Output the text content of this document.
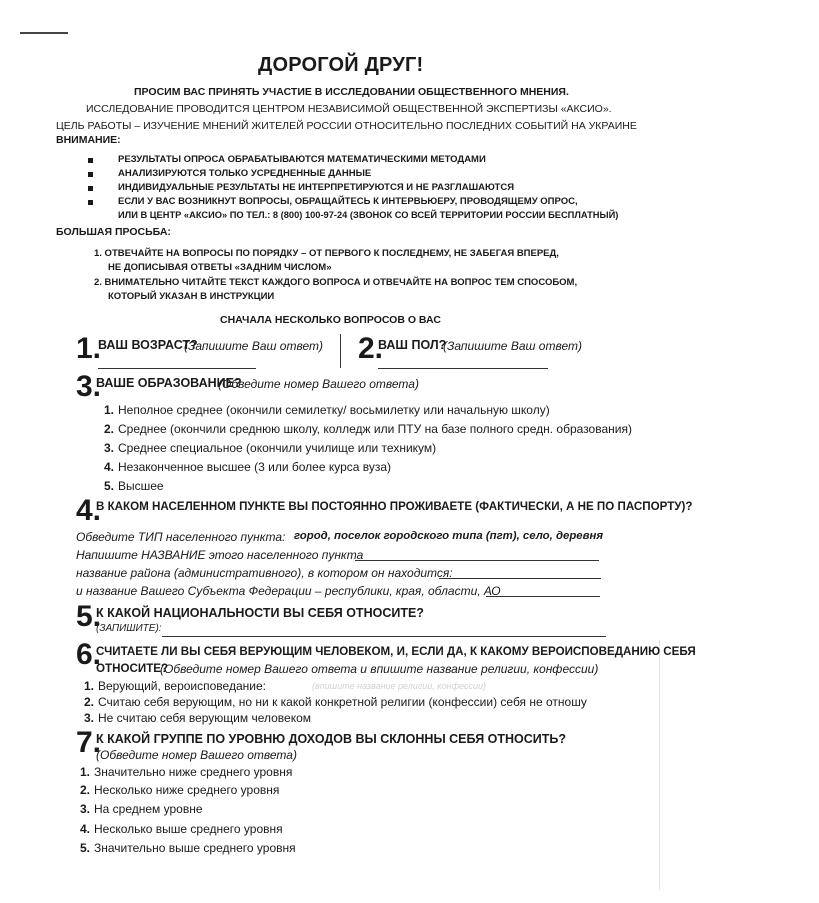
ДОРОГОЙ ДРУГ!
ПРОСИМ ВАС ПРИНЯТЬ УЧАСТИЕ В ИССЛЕДОВАНИИ ОБЩЕСТВЕННОГО МНЕНИЯ.
ИССЛЕДОВАНИЕ ПРОВОДИТСЯ ЦЕНТРОМ НЕЗАВИСИМОЙ ОБЩЕСТВЕННОЙ ЭКСПЕРТИЗЫ «АКСИО».
ЦЕЛЬ РАБОТЫ – ИЗУЧЕНИЕ МНЕНИЙ ЖИТЕЛЕЙ РОССИИ ОТНОСИТЕЛЬНО ПОСЛЕДНИХ СОБЫТИЙ НА УКРАИНЕ
ВНИМАНИЕ:
РЕЗУЛЬТАТЫ ОПРОСА ОБРАБАТЫВАЮТСЯ МАТЕМАТИЧЕСКИМИ МЕТОДАМИ
АНАЛИЗИРУЮТСЯ ТОЛЬКО УСРЕДНЕННЫЕ ДАННЫЕ
ИНДИВИДУАЛЬНЫЕ РЕЗУЛЬТАТЫ НЕ ИНТЕРПРЕТИРУЮТСЯ И НЕ РАЗГЛАШАЮТСЯ
ЕСЛИ У ВАС ВОЗНИКНУТ ВОПРОСЫ, ОБРАЩАЙТЕСЬ К ИНТЕРВЬЮЕРУ, ПРОВОДЯЩЕМУ ОПРОС,
ИЛИ В ЦЕНТР «АКСИО» ПО ТЕЛ.: 8 (800) 100-97-24 (ЗВОНОК СО ВСЕЙ ТЕРРИТОРИИ РОССИИ БЕСПЛАТНЫЙ)
БОЛЬШАЯ ПРОСЬБА:
1. ОТВЕЧАЙТЕ НА ВОПРОСЫ ПО ПОРЯДКУ – ОТ ПЕРВОГО К ПОСЛЕДНЕМУ, НЕ ЗАБЕГАЯ ВПЕРЕД,
НЕ ДОПИСЫВАЯ ОТВЕТЫ «ЗАДНИМ ЧИСЛОМ»
2. ВНИМАТЕЛЬНО ЧИТАЙТЕ ТЕКСТ КАЖДОГО ВОПРОСА И ОТВЕЧАЙТЕ НА ВОПРОС ТЕМ СПОСОБОМ,
КОТОРЫЙ УКАЗАН В ИНСТРУКЦИИ
СНАЧАЛА НЕСКОЛЬКО ВОПРОСОВ О ВАС
1.
ВАШ ВОЗРАСТ?
(Запишите Ваш ответ) 2.
ВАШ ПОЛ?
(Запишите Ваш ответ)
3.
ВАШЕ ОБРАЗОВАНИЕ?
(Обведите номер Вашего ответа)
1. Неполное среднее (окончили семилетку/ восьмилетку или начальную школу)
2. Среднее (окончили среднюю школу, колледж или ПТУ на базе полного средн. образования)
3. Среднее специальное (окончили училище или техникум)
4. Незаконченное высшее (3 или более курса вуза)
5. Высшее
4.
В КАКОМ НАСЕЛЕННОМ ПУНКТЕ ВЫ ПОСТОЯННО ПРОЖИВАЕТЕ (ФАКТИЧЕСКИ, А НЕ ПО ПАСПОРТУ)?
Обведите ТИП населенного пункта: город, поселок городского типа (пгт), село, деревня
Напишите НАЗВАНИЕ этого населенного пункта
название района (административного), в котором он находится:
и название Вашего Субъекта Федерации – республики, края, области, АО
5.
К КАКОЙ НАЦИОНАЛЬНОСТИ ВЫ СЕБЯ ОТНОСИТЕ?
(ЗАПИШИТЕ):
6.
СЧИТАЕТЕ ЛИ ВЫ СЕБЯ ВЕРУЮЩИМ ЧЕЛОВЕКОМ, И, ЕСЛИ ДА, К КАКОМУ ВЕРОИСПОВЕДАНИЮ СЕБЯ
ОТНОСИТЕ?
(Обведите номер Вашего ответа и впишите название религии, конфессии)
1. Верующий, вероисповедание:	(впишите название религии, конфессии)
2. Считаю себя верующим, но ни к какой конкретной религии (конфессии) себя не отношу
3. Не считаю себя верующим человеком
7.
К КАКОЙ ГРУППЕ ПО УРОВНЮ ДОХОДОВ ВЫ СКЛОННЫ СЕБЯ ОТНОСИТЬ?
(Обведите номер Вашего ответа)
1. Значительно ниже среднего уровня
2. Несколько ниже среднего уровня
3. На среднем уровне
4. Несколько выше среднего уровня
5. Значительно выше среднего уровня
